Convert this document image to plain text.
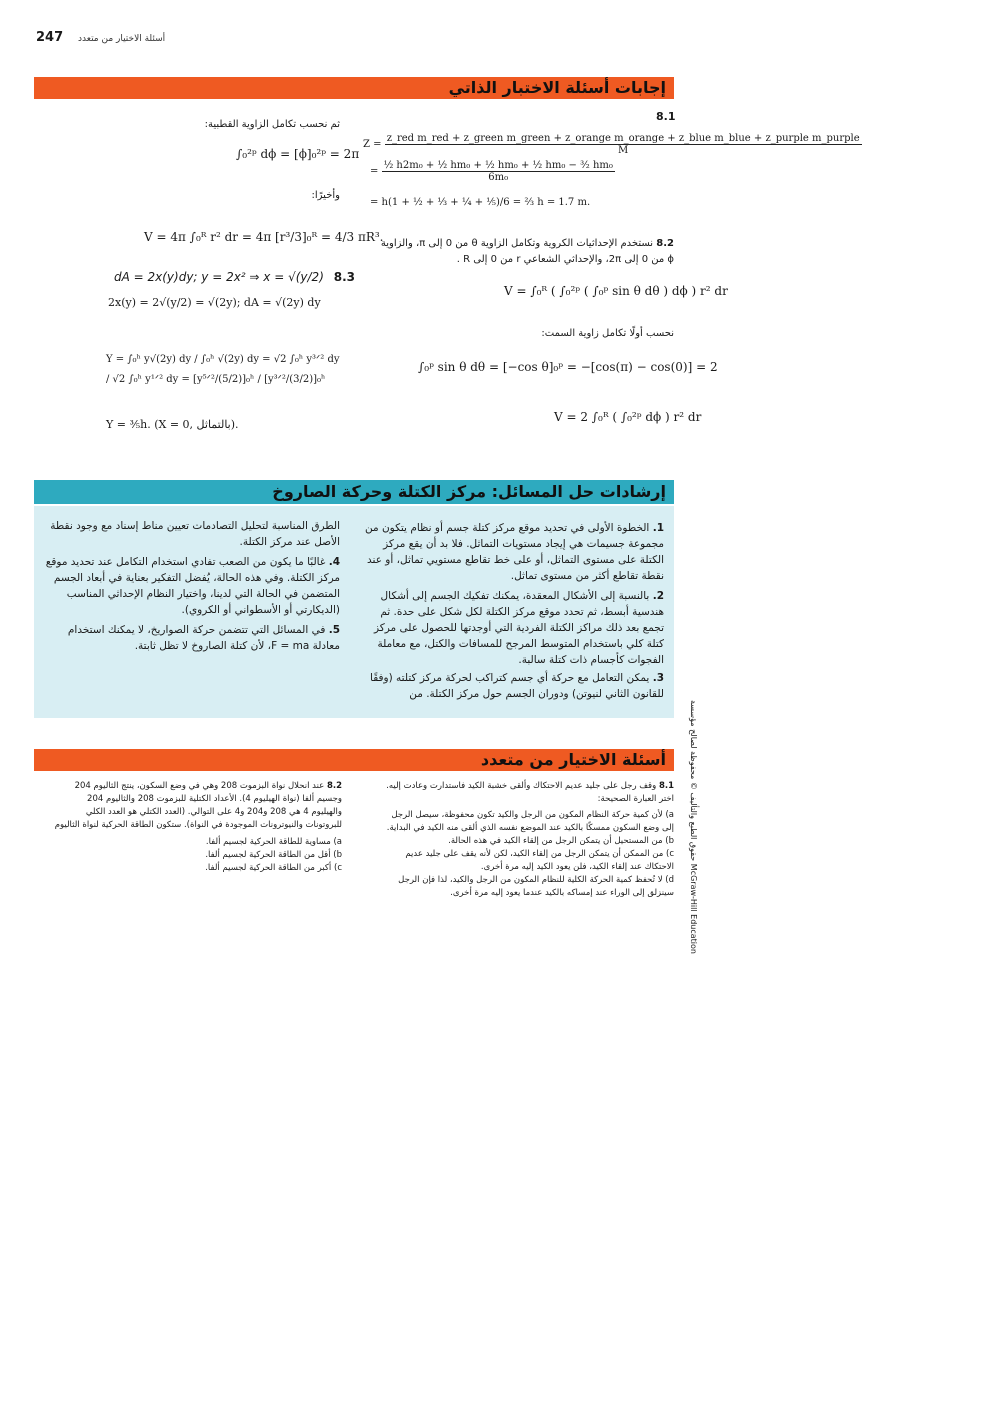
247 أسئلة الاختيار من متعدد
إجابات أسئلة الاختبار الذاتي
8.1
Z =
z_red m_red + z_green m_green + z_orange m_orange + z_blue m_blue + z_purple m_purple
M
= $\frac{\text{½ h2m₀ + ½ hm₀ + ½ hm₀ + ½ hm₀ − ³⁄₂ hm₀}}{\text{6m₀}}$
= h(1 + ½ + ⅓ + ¼ + ⅕)/6 = ⅔ h = 1.7 m.
8.2 نستخدم الإحداثيات الكروية وتكامل الزاوية θ من 0 إلى π، والزاوية ϕ من 0 إلى 2π، والإحداثي الشعاعي r من 0 إلى R .
V = ∫₀ᴿ ( ∫₀²ᵖ ( ∫₀ᵖ sin θ dθ ) dϕ ) r² dr
نحسب أولًا تكامل زاوية السمت:
∫₀ᵖ sin θ dθ = [−cos θ]₀ᵖ = −[cos(π) − cos(0)] = 2
V = 2 ∫₀ᴿ ( ∫₀²ᵖ dϕ ) r² dr
ثم نحسب تكامل الزاوية القطبية:
∫₀²ᵖ dϕ = [ϕ]₀²ᵖ = 2π
وأخيرًا:
V = 4π ∫₀ᴿ r² dr = 4π [r³/3]₀ᴿ = 4/3 πR³.
dA = 2x(y)dy; y = 2x² ⇒ x = √(y/2) 8.3
2x(y) = 2√(y/2) = √(2y); dA = √(2y) dy
Y = ∫₀ʰ y√(2y) dy / ∫₀ʰ √(2y) dy = √2 ∫₀ʰ y³ᐟ² dy / √2 ∫₀ʰ y¹ᐟ² dy = [y⁵ᐟ²/(5/2)]₀ʰ / [y³ᐟ²/(3/2)]₀ʰ
Y = ⅗h. (X = 0, بالتماثل).
إرشادات حل المسائل: مركز الكتلة وحركة الصاروخ
1. الخطوة الأولى في تحديد موقع مركز كتلة جسم أو نظام يتكون من مجموعة جسيمات هي إيجاد مستويات التماثل. فلا بد أن يقع مركز الكتلة على مستوى التماثل، أو على خط تقاطع مستويي تماثل، أو عند نقطة تقاطع أكثر من مستوى تماثل.
2. بالنسبة إلى الأشكال المعقدة، يمكنك تفكيك الجسم إلى أشكال هندسية أبسط، ثم تحدد موقع مركز الكتلة لكل شكل على حدة. ثم تجمع بعد ذلك مراكز الكتلة الفردية التي أوجدتها للحصول على مركز كتلة كلي باستخدام المتوسط المرجح للمسافات والكتل، مع معاملة الفجوات كأجسام ذات كتلة سالبة.
3. يمكن التعامل مع حركة أي جسم كتراكب لحركة مركز كتلته (وفقًا للقانون الثاني لنيوتن) ودوران الجسم حول مركز الكتلة. من
الطرق المناسبة لتحليل التصادمات تعيين مناط إسناد مع وجود نقطة الأصل عند مركز الكتلة.
4. غالبًا ما يكون من الصعب تفادي استخدام التكامل عند تحديد موقع مركز الكتلة. وفي هذه الحالة، يُفضل التفكير بعناية في أبعاد الجسم المتضمن في الحالة التي لدينا، واختيار النظام الإحداثي المناسب (الديكارتي أو الأسطواني أو الكروي).
5. في المسائل التي تتضمن حركة الصواريخ، لا يمكنك استخدام معادلة F = ma، لأن كتلة الصاروخ لا تظل ثابتة.
أسئلة الاختيار من متعدد
8.1 وقف رجل على جليد عديم الاحتكاك وألقى خشبة الكيد فاستدارت وعادت إليه. اختر العبارة الصحيحة:
a) لأن كمية حركة النظام المكون من الرجل والكيد تكون محفوظة، سيصل الرجل إلى وضع السكون ممسكًا بالكيد عند الموضع نفسه الذي ألقى منه الكيد في البداية.
b) من المستحيل أن يتمكن الرجل من إلقاء الكيد في هذه الحالة.
c) من الممكن أن يتمكن الرجل من إلقاء الكيد، لكن لأنه يقف على جليد عديم الاحتكاك عند إلقاء الكيد، فلن يعود الكيد إليه مرة أخرى.
d) لا تُحفظ كمية الحركة الكلية للنظام المكون من الرجل والكيد، لذا فإن الرجل سينزلق إلى الوراء عند إمساكه بالكيد عندما يعود إليه مرة أخرى.
8.2 عند انحلال نواة البزموت 208 وهي في وضع السكون، ينتج الثاليوم 204 وجسيم ألفا (نواة الهيليوم 4). الأعداد الكتلية للبزموت 208 والثاليوم 204 والهيليوم 4 هي 208 و204 و4 على التوالي. (العدد الكتلي هو العدد الكلي للبروتونات والنيوترونات الموجودة في النواة). ستكون الطاقة الحركية لنواة الثاليوم
a) مساوية للطاقة الحركية لجسيم ألفا.
b) أقل من الطاقة الحركية لجسيم ألفا.
c) أكبر من الطاقة الحركية لجسيم ألفا.
حقوق الطبع والتأليف © محفوظة لصالح مؤسسة McGraw-Hill Education
